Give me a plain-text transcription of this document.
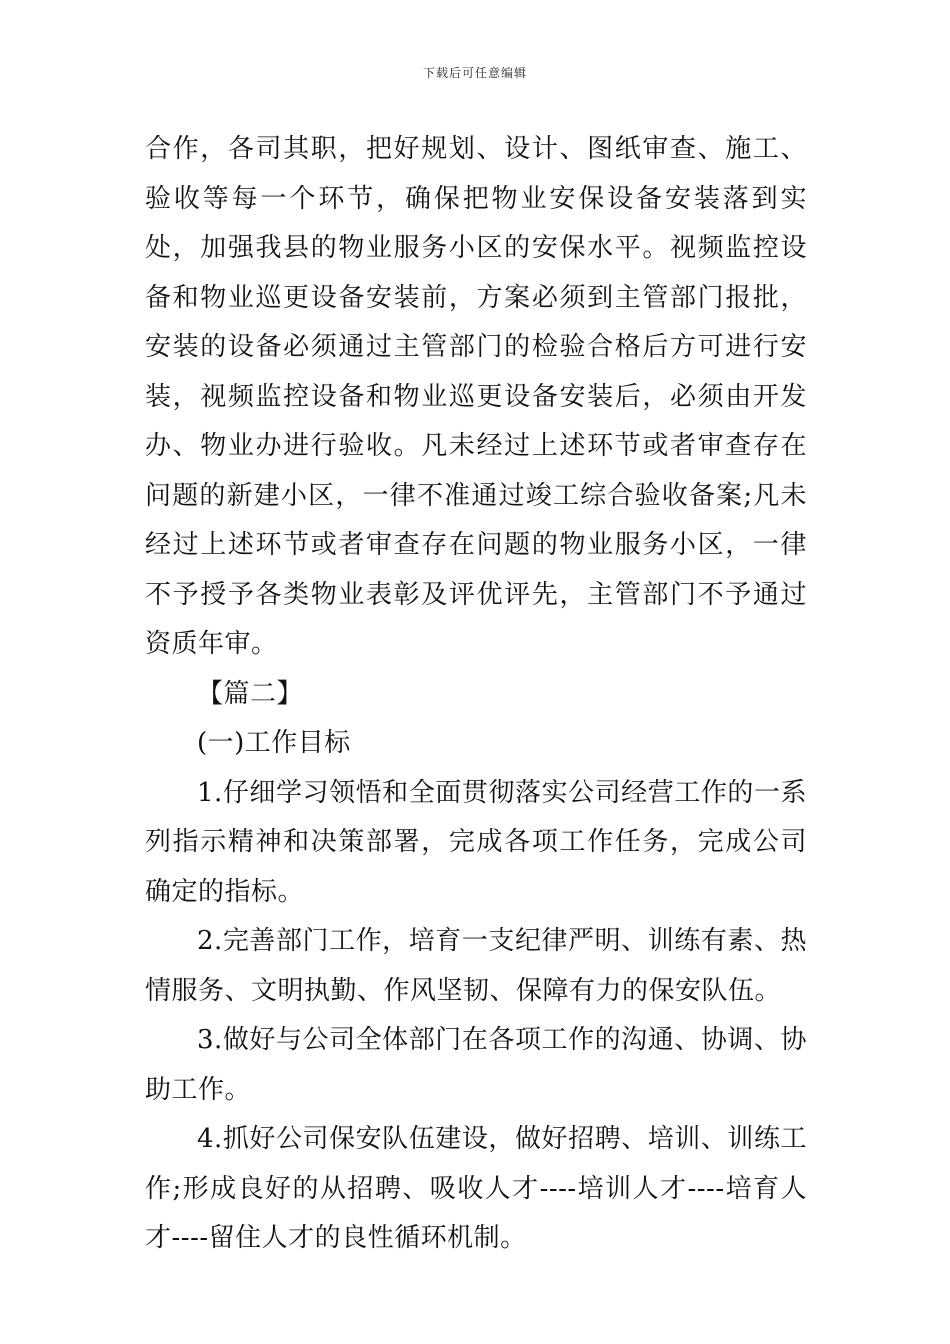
下载后可任意编辑

合作，各司其职，把好规划、设计、图纸审查、施工、验收等每一个环节，确保把物业安保设备安装落到实处，加强我县的物业服务小区的安保水平。视频监控设备和物业巡更设备安装前，方案必须到主管部门报批，安装的设备必须通过主管部门的检验合格后方可进行安装，视频监控设备和物业巡更设备安装后，必须由开发办、物业办进行验收。凡未经过上述环节或者审查存在问题的新建小区，一律不准通过竣工综合验收备案;凡未经过上述环节或者审查存在问题的物业服务小区，一律不予授予各类物业表彰及评优评先，主管部门不予通过资质年审。

【篇二】

(一)工作目标

1.仔细学习领悟和全面贯彻落实公司经营工作的一系列指示精神和决策部署，完成各项工作任务，完成公司确定的指标。

2.完善部门工作，培育一支纪律严明、训练有素、热情服务、文明执勤、作风坚韧、保障有力的保安队伍。

3.做好与公司全体部门在各项工作的沟通、协调、协助工作。

4.抓好公司保安队伍建设，做好招聘、培训、训练工作;形成良好的从招聘、吸收人才----培训人才----培育人才----留住人才的良性循环机制。
